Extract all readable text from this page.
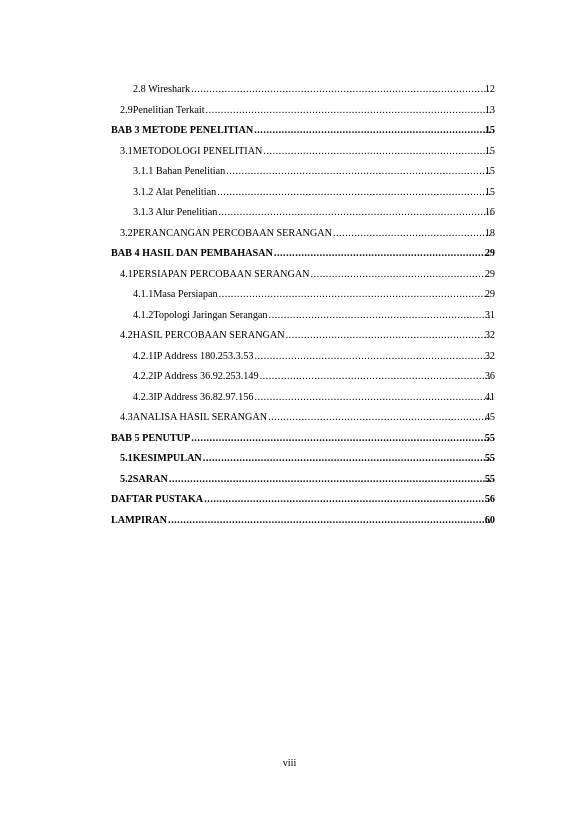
2.8 Wireshark .....	12
2.9 Penelitian Terkait .....	13
BAB 3 METODE PENELITIAN .....	15
3.1 METODOLOGI PENELITIAN .....	15
3.1.1 Bahan Penelitian .....	15
3.1.2 Alat Penelitian .....	15
3.1.3 Alur Penelitian .....	16
3.2 PERANCANGAN PERCOBAAN SERANGAN .....	18
BAB 4 HASIL DAN PEMBAHASAN .....	29
4.1 PERSIAPAN PERCOBAAN SERANGAN .....	29
4.1.1 Masa Persiapan .....	29
4.1.2 Topologi Jaringan Serangan .....	31
4.2 HASIL PERCOBAAN SERANGAN .....	32
4.2.1 IP Address 180.253.3.53 .....	32
4.2.2 IP Address 36.92.253.149 .....	36
4.2.3 IP Address 36.82.97.156 .....	41
4.3 ANALISA HASIL SERANGAN .....	45
BAB 5 PENUTUP .....	55
5.1 KESIMPULAN .....	55
5.2 SARAN .....	55
DAFTAR PUSTAKA .....	56
LAMPIRAN .....	60
viii
